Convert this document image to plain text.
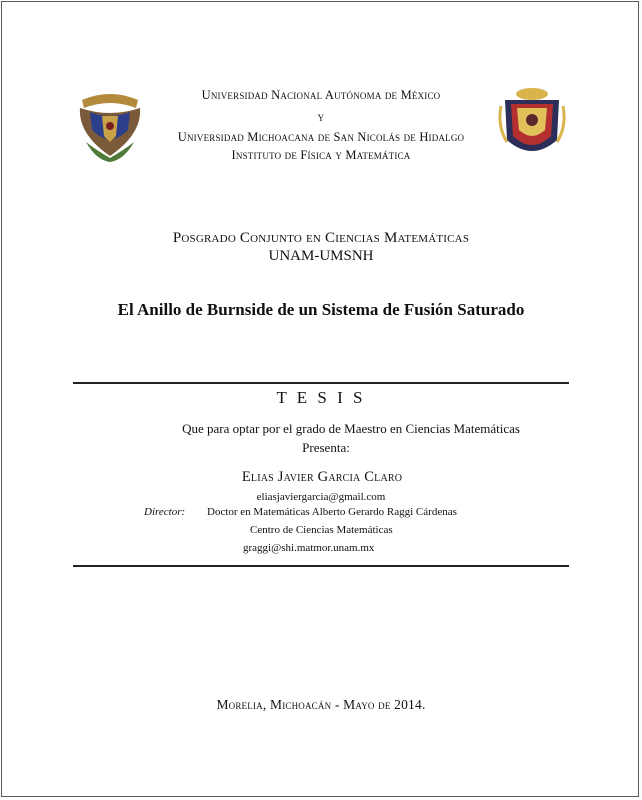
Universidad Nacional Autónoma de México
y
Universidad Michoacana de San Nicolás de Hidalgo
Instituto de Física y Matemática
Posgrado Conjunto en Ciencias Matemáticas
UNAM-UMSNH
El Anillo de Burnside de un Sistema de Fusión Saturado
T E S I S
Que para optar por el grado de Maestro en Ciencias Matemáticas
Presenta:
Elias Javier Garcia Claro
eliasjaviergarcia@gmail.com
Director: Doctor en Matemáticas Alberto Gerardo Raggi Cárdenas
Centro de Ciencias Matemáticas
graggi@shi.matmor.unam.mx
Morelia, Michoacán - Mayo de 2014.
